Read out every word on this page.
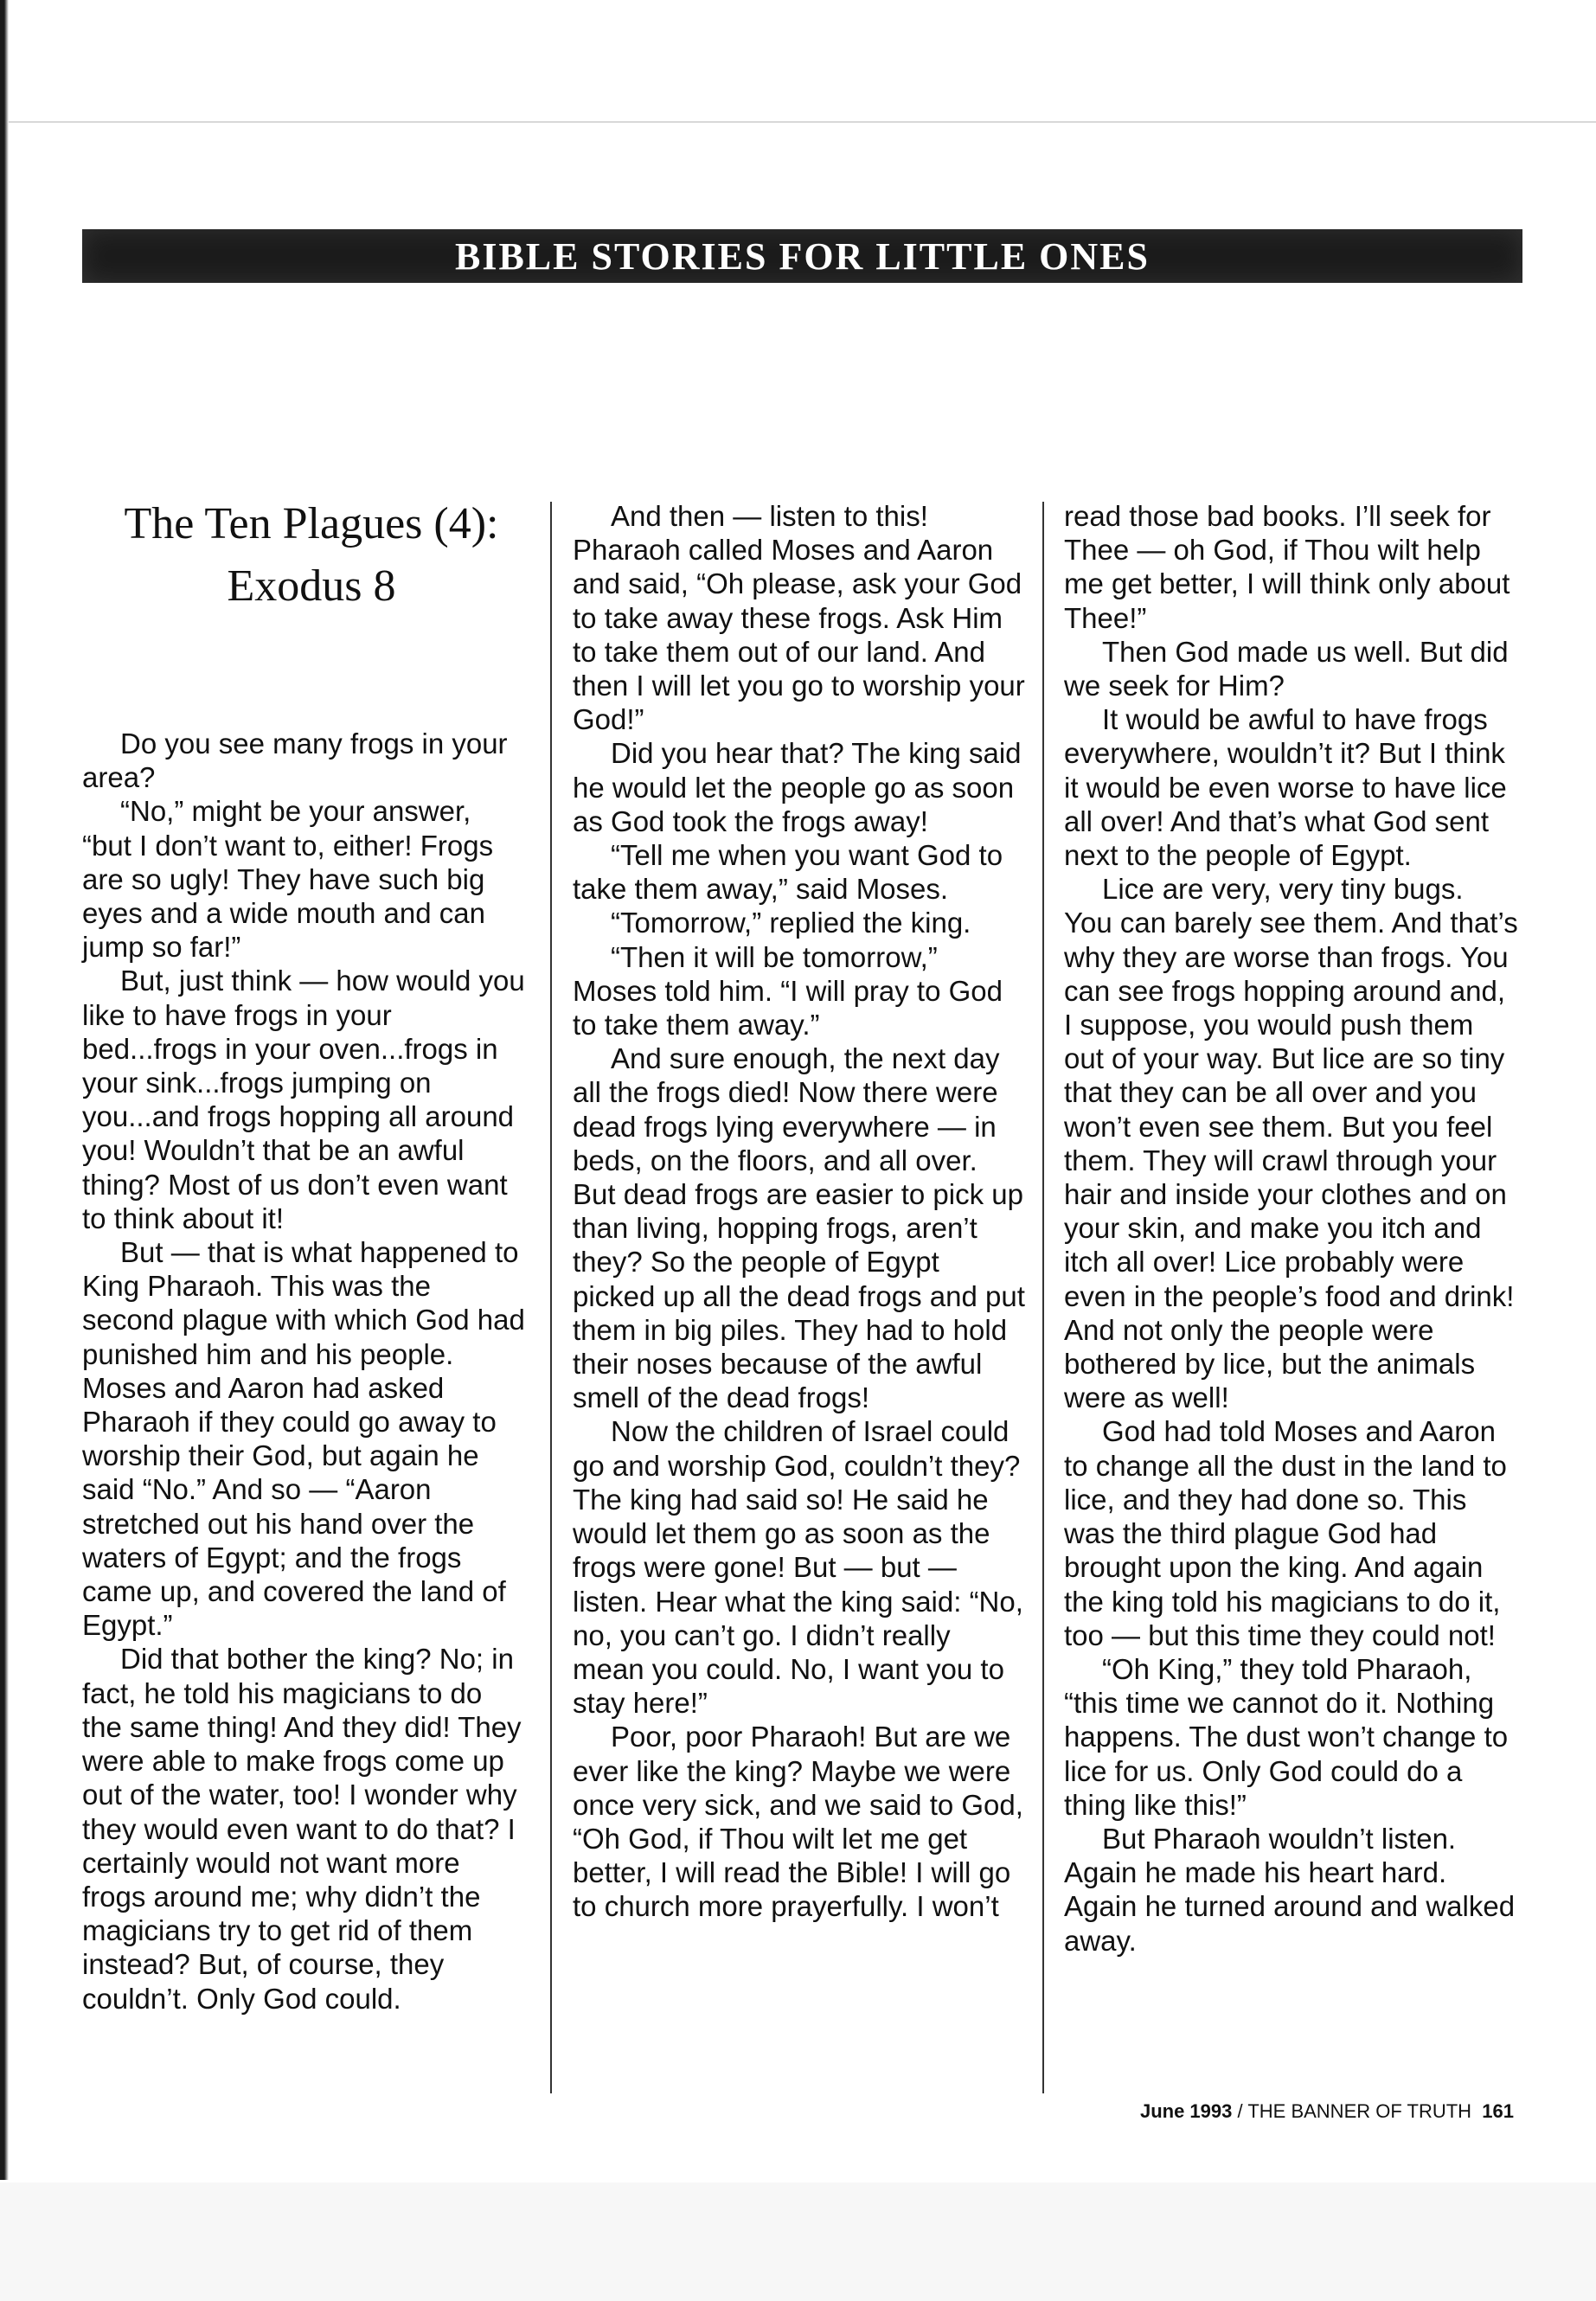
BIBLE STORIES FOR LITTLE ONES
The Ten Plagues (4):
Exodus 8

Do you see many frogs in your area?

“No,” might be your answer, “but I don’t want to, either! Frogs are so ugly! They have such big eyes and a wide mouth and can jump so far!”

But, just think — how would you like to have frogs in your bed...frogs in your oven...frogs in your sink...frogs jumping on you...and frogs hopping all around you! Wouldn’t that be an awful thing? Most of us don’t even want to think about it!

But — that is what happened to King Pharaoh. This was the second plague with which God had punished him and his people. Moses and Aaron had asked Pharaoh if they could go away to worship their God, but again he said “No.” And so — “Aaron stretched out his hand over the waters of Egypt; and the frogs came up, and covered the land of Egypt.”

Did that bother the king? No; in fact, he told his magicians to do the same thing! And they did! They were able to make frogs come up out of the water, too! I wonder why they would even want to do that? I certainly would not want more frogs around me; why didn’t the magicians try to get rid of them instead? But, of course, they couldn’t. Only God could.

And then — listen to this! Pharaoh called Moses and Aaron and said, “Oh please, ask your God to take away these frogs. Ask Him to take them out of our land. And then I will let you go to worship your God!”

Did you hear that? The king said he would let the people go as soon as God took the frogs away!

“Tell me when you want God to take them away,” said Moses.

“Tomorrow,” replied the king.

“Then it will be tomorrow,” Moses told him. “I will pray to God to take them away.”

And sure enough, the next day all the frogs died! Now there were dead frogs lying everywhere — in beds, on the floors, and all over. But dead frogs are easier to pick up than living, hopping frogs, aren’t they? So the people of Egypt picked up all the dead frogs and put them in big piles. They had to hold their noses because of the awful smell of the dead frogs!

Now the children of Israel could go and worship God, couldn’t they? The king had said so! He said he would let them go as soon as the frogs were gone! But — but — listen. Hear what the king said: “No, no, you can’t go. I didn’t really mean you could. No, I want you to stay here!”

Poor, poor Pharaoh! But are we ever like the king? Maybe we were once very sick, and we said to God, “Oh God, if Thou wilt let me get better, I will read the Bible! I will go to church more prayerfully. I won’t

read those bad books. I’ll seek for Thee — oh God, if Thou wilt help me get better, I will think only about Thee!”

Then God made us well. But did we seek for Him?

It would be awful to have frogs everywhere, wouldn’t it? But I think it would be even worse to have lice all over! And that’s what God sent next to the people of Egypt.

Lice are very, very tiny bugs. You can barely see them. And that’s why they are worse than frogs. You can see frogs hopping around and, I suppose, you would push them out of your way. But lice are so tiny that they can be all over and you won’t even see them. But you feel them. They will crawl through your hair and inside your clothes and on your skin, and make you itch and itch all over! Lice probably were even in the people’s food and drink! And not only the people were bothered by lice, but the animals were as well!

God had told Moses and Aaron to change all the dust in the land to lice, and they had done so. This was the third plague God had brought upon the king. And again the king told his magicians to do it, too — but this time they could not!

“Oh King,” they told Pharaoh, “this time we cannot do it. Nothing happens. The dust won’t change to lice for us. Only God could do a thing like this!”

But Pharaoh wouldn’t listen. Again he made his heart hard. Again he turned around and walked away.

June 1993 / THE BANNER OF TRUTH 161
